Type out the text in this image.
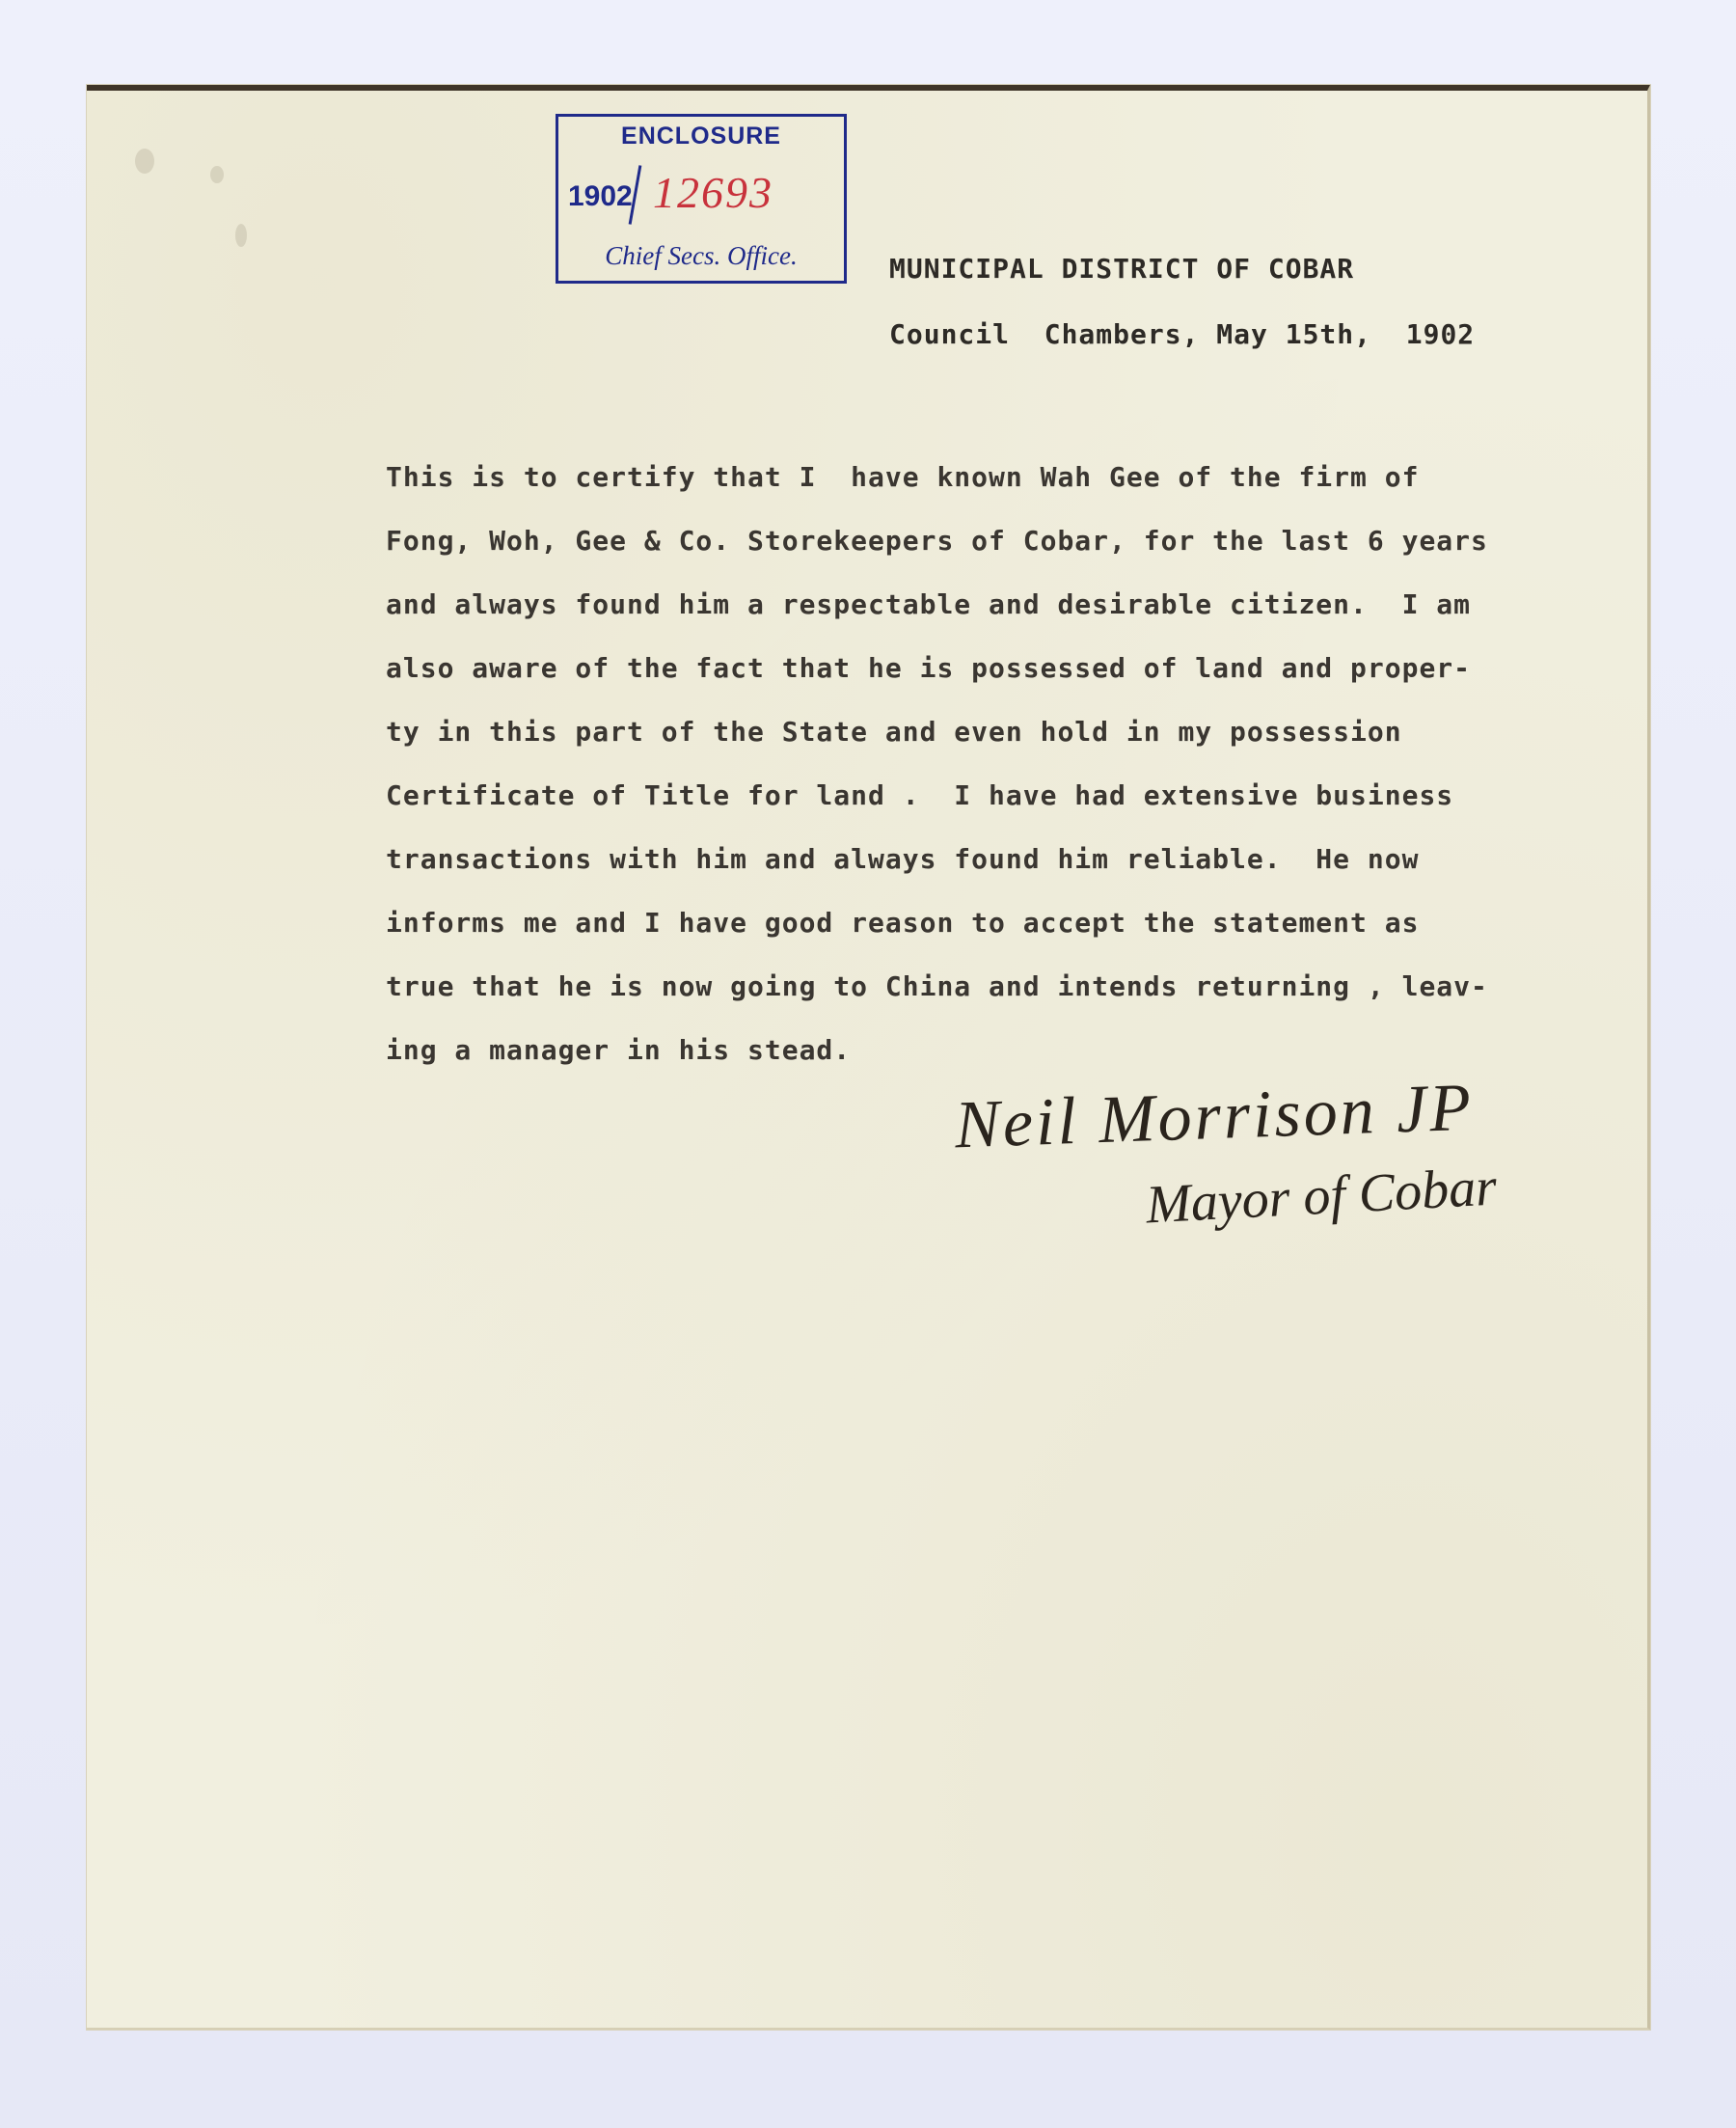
ENCLOSURE
1902 12693
Chief Secs. Office.	MUNICIPAL DISTRICT OF COBAR
Council  Chambers, May 15th,  1902
This is to certify that I  have known Wah Gee of the firm of
Fong, Woh, Gee & Co. Storekeepers of Cobar, for the last 6 years
and always found him a respectable and desirable citizen.  I am
also aware of the fact that he is possessed of land and proper-
ty in this part of the State and even hold in my possession
Certificate of Title for land .  I have had extensive business
transactions with him and always found him reliable.  He now
informs me and I have good reason to accept the statement as
true that he is now going to China and intends returning , leav-
ing a manager in his stead.
Neil Morrison JP
Mayor of Cobar
